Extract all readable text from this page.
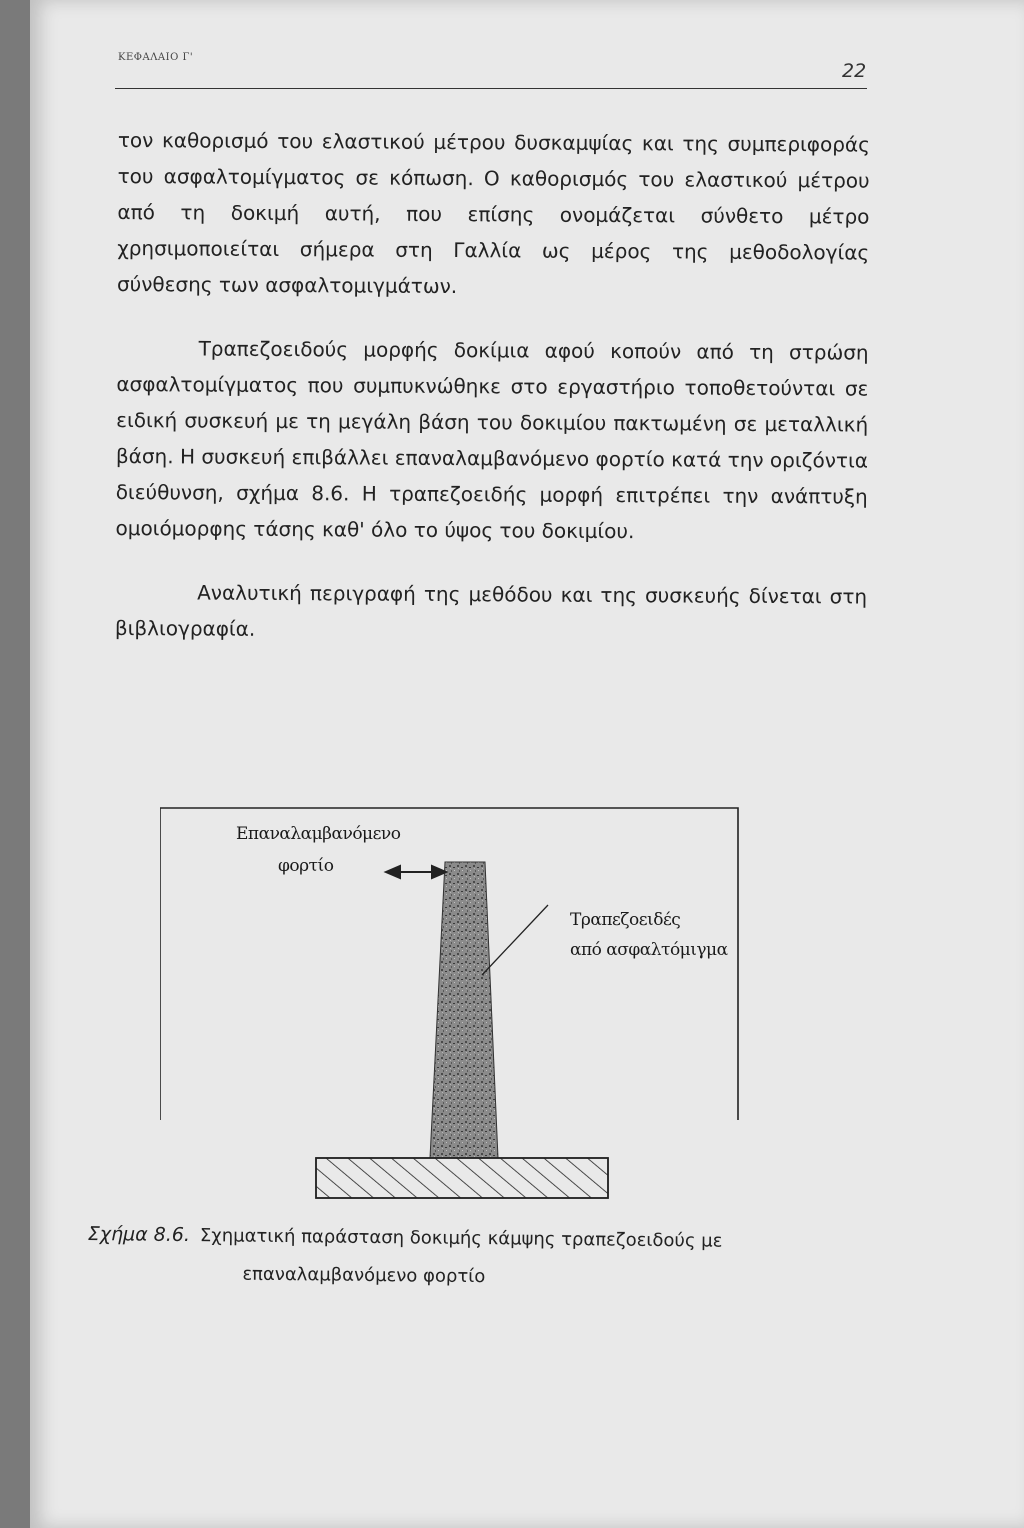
ΚΕΦΑΛΑΙΟ Γ'
22

τον καθορισμό του ελαστικού μέτρου δυσκαμψίας και της συμπεριφοράς του ασφαλτομίγματος σε κόπωση. Ο καθορισμός του ελαστικού μέτρου από τη δοκιμή αυτή, που επίσης ονομάζεται σύνθετο μέτρο χρησιμοποιείται σήμερα στη Γαλλία ως μέρος της μεθοδολογίας σύνθεσης των ασφαλτομιγμάτων.

Τραπεζοειδούς μορφής δοκίμια αφού κοπούν από τη στρώση ασφαλτομίγματος που συμπυκνώθηκε στο εργαστήριο τοποθετούνται σε ειδική συσκευή με τη μεγάλη βάση του δοκιμίου πακτωμένη σε μεταλλική βάση. Η συσκευή επιβάλλει επαναλαμβανόμενο φορτίο κατά την οριζόντια διεύθυνση, σχήμα 8.6. Η τραπεζοειδής μορφή επιτρέπει την ανάπτυξη ομοιόμορφης τάσης καθ' όλο το ύψος του δοκιμίου.

Αναλυτική περιγραφή της μεθόδου και της συσκευής δίνεται στη βιβλιογραφία.

Επαναλαμβανόμενο
φορτίο
Τραπεζοειδές
από ασφαλτόμιγμα
Σχήμα 8.6. Σχηματική παράσταση δοκιμής κάμψης τραπεζοειδούς με
επαναλαμβανόμενο φορτίο
